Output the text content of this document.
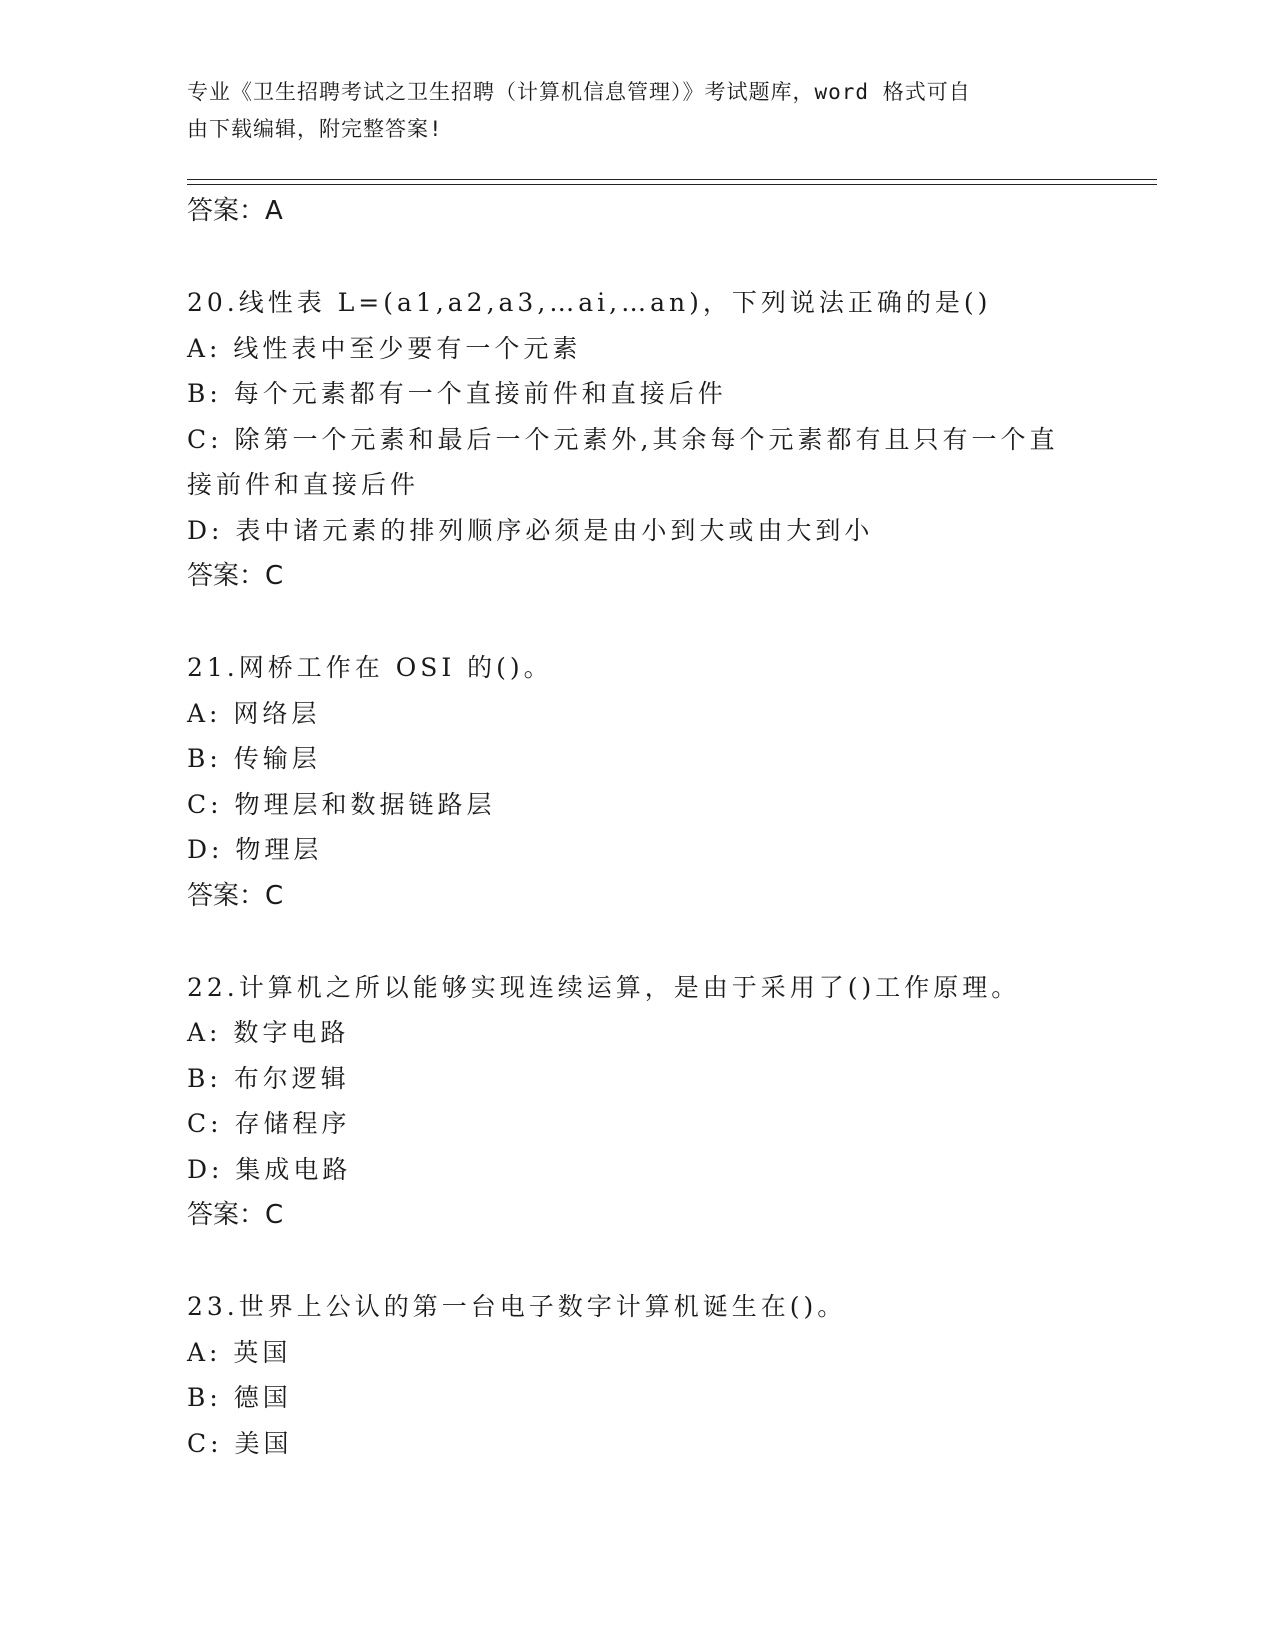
专业《卫生招聘考试之卫生招聘（计算机信息管理）》考试题库，word 格式可自
由下载编辑，附完整答案!
答案：A
20.线性表 L=(a1,a2,a3,…ai,…an)，下列说法正确的是()
A: 线性表中至少要有一个元素
B: 每个元素都有一个直接前件和直接后件
C: 除第一个元素和最后一个元素外,其余每个元素都有且只有一个直
接前件和直接后件
D: 表中诸元素的排列顺序必须是由小到大或由大到小
答案：C
21.网桥工作在 OSI 的()。
A: 网络层
B: 传输层
C: 物理层和数据链路层
D: 物理层
答案：C
22.计算机之所以能够实现连续运算，是由于采用了()工作原理。
A: 数字电路
B: 布尔逻辑
C: 存储程序
D: 集成电路
答案：C
23.世界上公认的第一台电子数字计算机诞生在()。
A: 英国
B: 德国
C: 美国
